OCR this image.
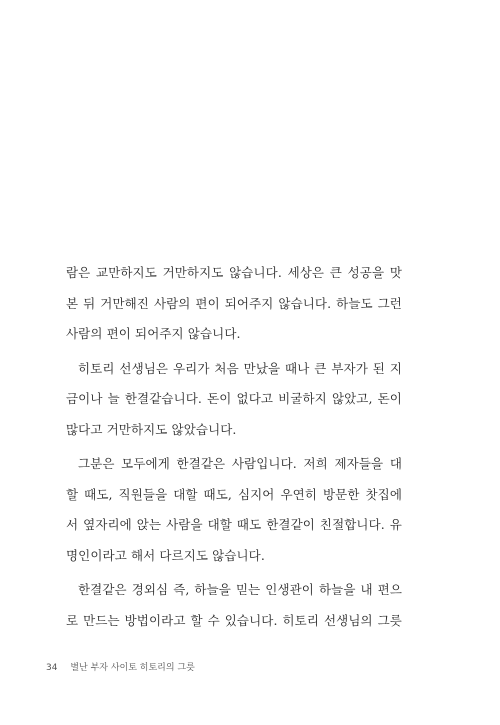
람은 교만하지도 거만하지도 않습니다. 세상은 큰 성공을 맛
본 뒤 거만해진 사람의 편이 되어주지 않습니다. 하늘도 그런
사람의 편이 되어주지 않습니다.

히토리 선생님은 우리가 처음 만났을 때나 큰 부자가 된 지
금이나 늘 한결같습니다. 돈이 없다고 비굴하지 않았고, 돈이
많다고 거만하지도 않았습니다.

그분은 모두에게 한결같은 사람입니다. 저희 제자들을 대
할 때도, 직원들을 대할 때도, 심지어 우연히 방문한 찻집에
서 옆자리에 앉는 사람을 대할 때도 한결같이 친절합니다. 유
명인이라고 해서 다르지도 않습니다.

한결같은 경외심 즉, 하늘을 믿는 인생관이 하늘을 내 편으
로 만드는 방법이라고 할 수 있습니다. 히토리 선생님의 그릇

34 별난 부자 사이토 히토리의 그릇
